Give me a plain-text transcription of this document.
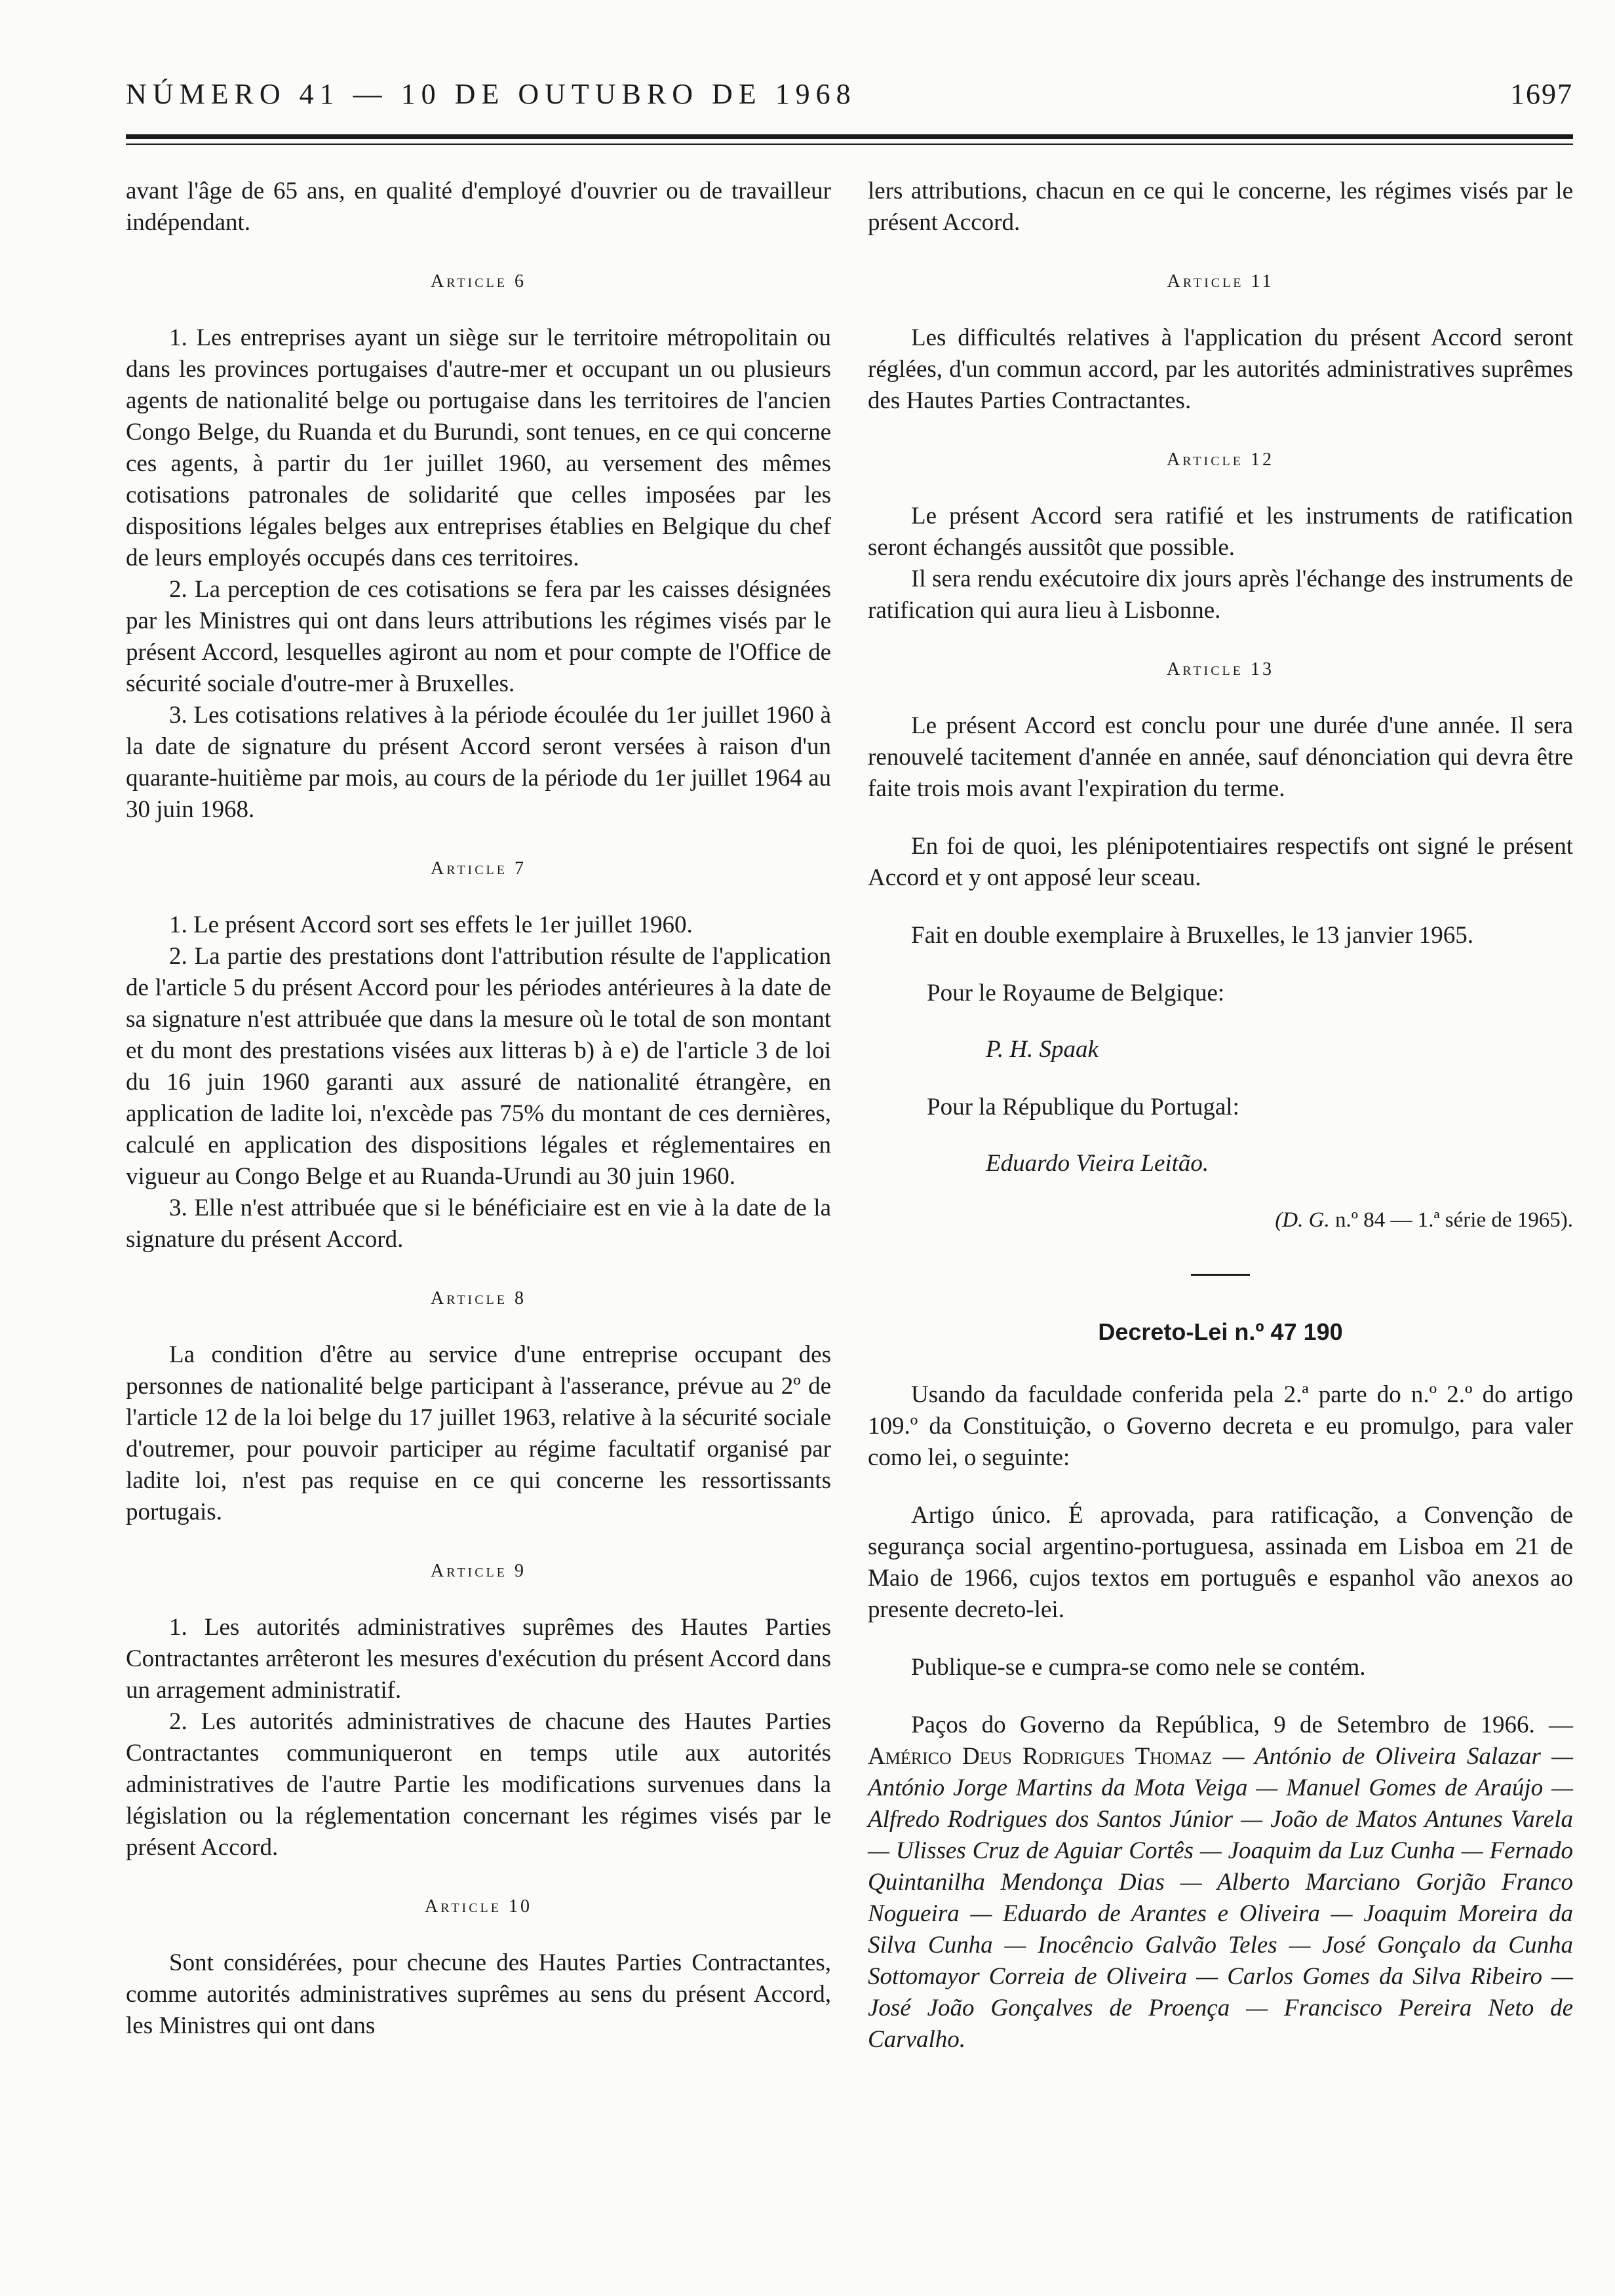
NÚMERO 41 — 10 DE OUTUBRO DE 1968	1697

avant l'âge de 65 ans, en qualité d'employé d'ouvrier ou de travailleur indépendant.

Article 6

1. Les entreprises ayant un siège sur le territoire métropolitain ou dans les provinces portugaises d'autre-mer et occupant un ou plusieurs agents de nationalité belge ou portugaise dans les territoires de l'ancien Congo Belge, du Ruanda et du Burundi, sont tenues, en ce qui concerne ces agents, à partir du 1er juillet 1960, au versement des mêmes cotisations patronales de solidarité que celles imposées par les dispositions légales belges aux entreprises établies en Belgique du chef de leurs employés occupés dans ces territoires.

2. La perception de ces cotisations se fera par les caisses désignées par les Ministres qui ont dans leurs attributions les régimes visés par le présent Accord, lesquelles agiront au nom et pour compte de l'Office de sécurité sociale d'outre-mer à Bruxelles.

3. Les cotisations relatives à la période écoulée du 1er juillet 1960 à la date de signature du présent Accord seront versées à raison d'un quarante-huitième par mois, au cours de la période du 1er juillet 1964 au 30 juin 1968.

Article 7

1. Le présent Accord sort ses effets le 1er juillet 1960.

2. La partie des prestations dont l'attribution résulte de l'application de l'article 5 du présent Accord pour les périodes antérieures à la date de sa signature n'est attribuée que dans la mesure où le total de son montant et du mont des prestations visées aux litteras b) à e) de l'article 3 de loi du 16 juin 1960 garanti aux assuré de nationalité étrangère, en application de ladite loi, n'excède pas 75% du montant de ces dernières, calculé en application des dispositions légales et réglementaires en vigueur au Congo Belge et au Ruanda-Urundi au 30 juin 1960.

3. Elle n'est attribuée que si le bénéficiaire est en vie à la date de la signature du présent Accord.

Article 8

La condition d'être au service d'une entreprise occupant des personnes de nationalité belge participant à l'asserance, prévue au 2º de l'article 12 de la loi belge du 17 juillet 1963, relative à la sécurité sociale d'outremer, pour pouvoir participer au régime facultatif organisé par ladite loi, n'est pas requise en ce qui concerne les ressortissants portugais.

Article 9

1. Les autorités administratives suprêmes des Hautes Parties Contractantes arrêteront les mesures d'exécution du présent Accord dans un arragement administratif.

2. Les autorités administratives de chacune des Hautes Parties Contractantes communiqueront en temps utile aux autorités administratives de l'autre Partie les modifications survenues dans la législation ou la réglementation concernant les régimes visés par le présent Accord.

Article 10

Sont considérées, pour checune des Hautes Parties Contractantes, comme autorités administratives suprêmes au sens du présent Accord, les Ministres qui ont dans

lers attributions, chacun en ce qui le concerne, les régimes visés par le présent Accord.

Article 11

Les difficultés relatives à l'application du présent Accord seront réglées, d'un commun accord, par les autorités administratives suprêmes des Hautes Parties Contractantes.

Article 12

Le présent Accord sera ratifié et les instruments de ratification seront échangés aussitôt que possible.

Il sera rendu exécutoire dix jours après l'échange des instruments de ratification qui aura lieu à Lisbonne.

Article 13

Le présent Accord est conclu pour une durée d'une année. Il sera renouvelé tacitement d'année en année, sauf dénonciation qui devra être faite trois mois avant l'expiration du terme.

En foi de quoi, les plénipotentiaires respectifs ont signé le présent Accord et y ont apposé leur sceau.

Fait en double exemplaire à Bruxelles, le 13 janvier 1965.

Pour le Royaume de Belgique:

P. H. Spaak

Pour la République du Portugal:

Eduardo Vieira Leitão.

(D. G. n.º 84 — 1.ª série de 1965).

Decreto-Lei n.º 47 190

Usando da faculdade conferida pela 2.ª parte do n.º 2.º do artigo 109.º da Constituição, o Governo decreta e eu promulgo, para valer como lei, o seguinte:

Artigo único. É aprovada, para ratificação, a Convenção de segurança social argentino-portuguesa, assinada em Lisboa em 21 de Maio de 1966, cujos textos em português e espanhol vão anexos ao presente decreto-lei.

Publique-se e cumpra-se como nele se contém.

Paços do Governo da República, 9 de Setembro de 1966. — Américo Deus Rodrigues Thomaz — António de Oliveira Salazar — António Jorge Martins da Mota Veiga — Manuel Gomes de Araújo — Alfredo Rodrigues dos Santos Júnior — João de Matos Antunes Varela — Ulisses Cruz de Aguiar Cortês — Joaquim da Luz Cunha — Fernado Quintanilha Mendonça Dias — Alberto Marciano Gorjão Franco Nogueira — Eduardo de Arantes e Oliveira — Joaquim Moreira da Silva Cunha — Inocêncio Galvão Teles — José Gonçalo da Cunha Sottomayor Correia de Oliveira — Carlos Gomes da Silva Ribeiro — José João Gonçalves de Proença — Francisco Pereira Neto de Carvalho.
